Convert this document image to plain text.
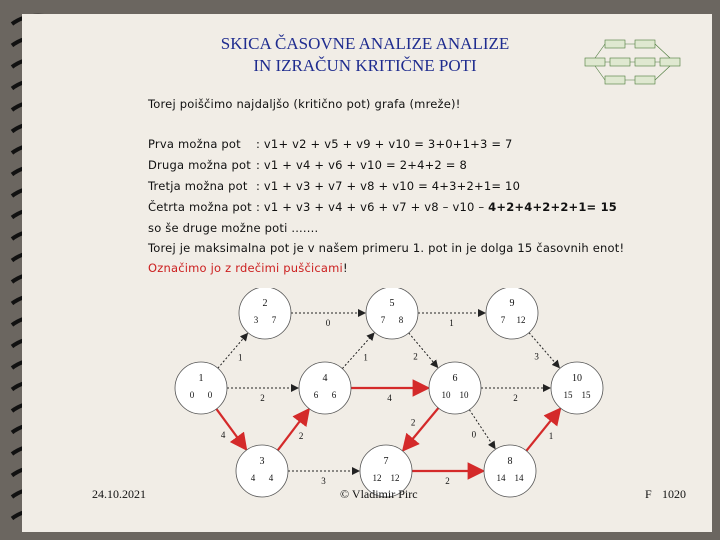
SKICA ČASOVNE ANALIZE ANALIZE
IN IZRAČUN KRITIČNE POTI
Torej poiščimo najdaljšo (kritično pot) grafa (mreže)!
Prva možna pot : v1+ v2 + v5 + v9 + v10 = 3+0+1+3 = 7
Druga možna pot : v1 + v4 + v6 + v10 = 2+4+2 = 8
Tretja možna pot : v1 + v3 + v7 + v8 + v10 = 4+3+2+1= 10
Četrta možna pot : v1 + v3 + v4 + v6 + v7 + v8 – v10 – 4+2+4+2+2+1= 15
so še druge možne poti .......
Torej je maksimalna pot je v našem primeru 1. pot in je dolga 15 časovnih enot!
Označimo jo z rdečimi puščicami!
1
2
4
0
2
3
1
4
2
1
2
2
3
2
1
0
1
0 0
2
3 7
3
4 4
4
6 6
5
7 8
6
10 10
7
12 12
8
14 14
9
7 12
10
15 15
24.10.2021	© Vladimir Pirc	F 1020
